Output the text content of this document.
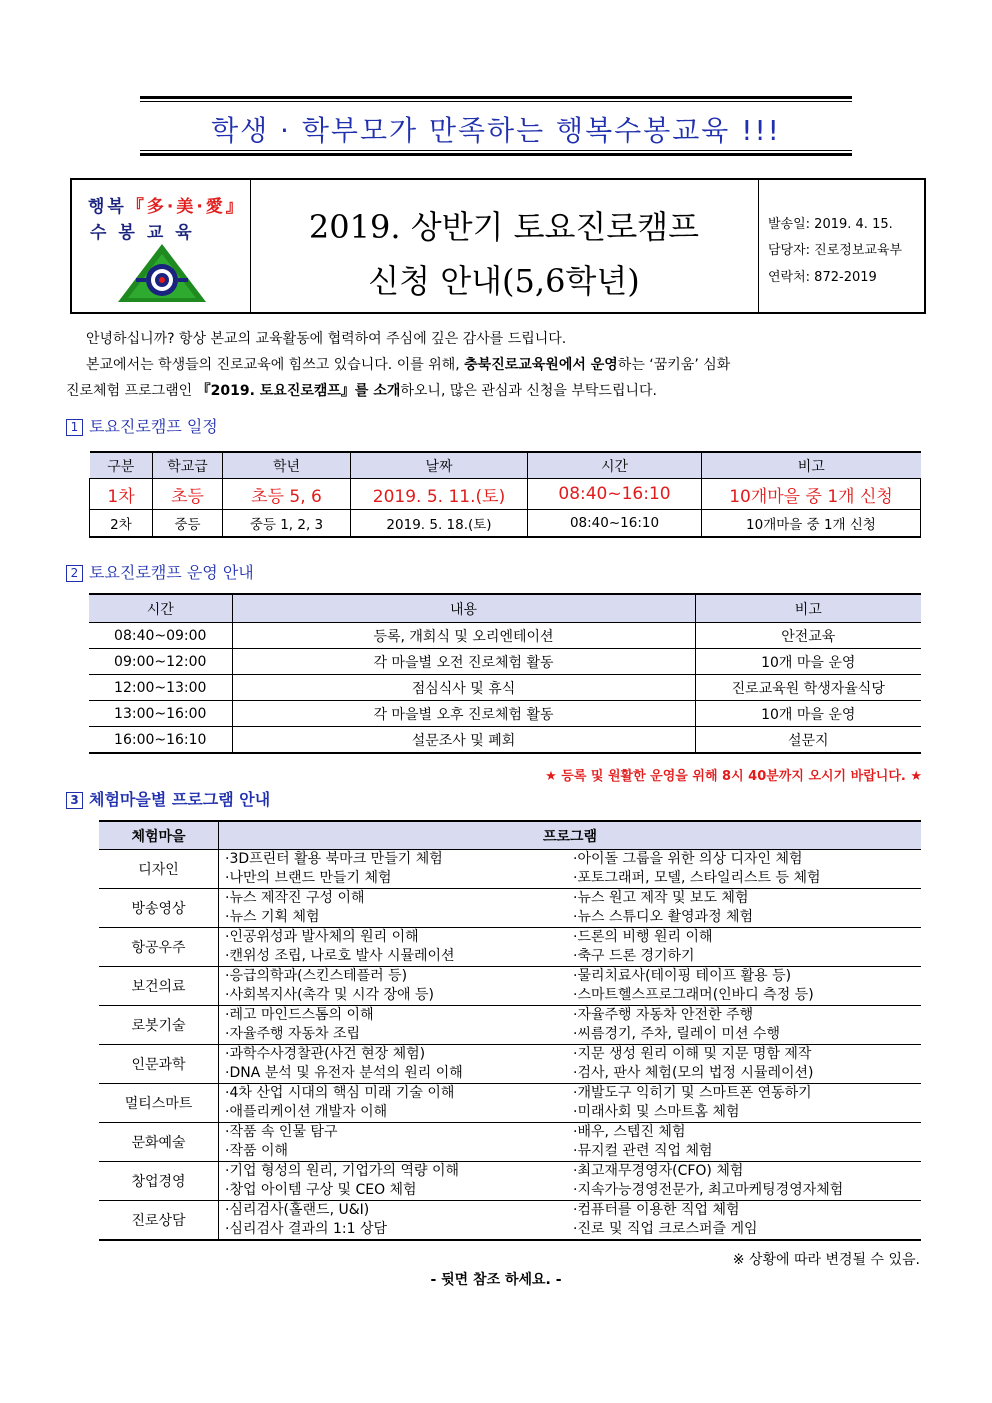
학생 · 학부모가 만족하는 행복수봉교육 !!!
행복『多·美·愛』
수봉교육	2019. 상반기 토요진로캠프
신청 안내(5,6학년)
발송일: 2019. 4. 15.
담당자: 진로정보교육부
연락처: 872-2019
안녕하십니까? 항상 본교의 교육활동에 협력하여 주심에 깊은 감사를 드립니다.
본교에서는 학생들의 진로교육에 힘쓰고 있습니다. 이를 위해, 충북진로교육원에서 운영하는 ‘꿈키움’ 심화
진로체험 프로그램인 『2019. 토요진로캠프』를 소개하오니, 많은 관심과 신청을 부탁드립니다.
1 토요진로캠프 일정
구분	학교급	학년	날짜	시간	비고
1차	초등	초등 5, 6	2019. 5. 11.(토)	08:40~16:10	10개마을 중 1개 신청
2차	중등	중등 1, 2, 3	2019. 5. 18.(토)	08:40~16:10	10개마을 중 1개 신청
2 토요진로캠프 운영 안내
시간	내용	비고
08:40~09:00	등록, 개회식 및 오리엔테이션	안전교육
09:00~12:00	각 마을별 오전 진로체험 활동	10개 마을 운영
12:00~13:00	점심식사 및 휴식	진로교육원 학생자율식당
13:00~16:00	각 마을별 오후 진로체험 활동	10개 마을 운영
16:00~16:10	설문조사 및 폐회	설문지
★ 등록 및 원활한 운영을 위해 8시 40분까지 오시기 바랍니다. ★
3 체험마을별 프로그램 안내
체험마을	프로그램
디자인	·3D프린터 활용 북마크 만들기 체험 ·아이돌 그룹을 위한 의상 디자인 체험
·나만의 브랜드 만들기 체험 ·포토그래퍼, 모델, 스타일리스트 등 체험

방송영상	·뉴스 제작진 구성 이해 ·뉴스 원고 제작 및 보도 체험
·뉴스 기획 체험 ·뉴스 스튜디오 촬영과정 체험

항공우주	·인공위성과 발사체의 원리 이해 ·드론의 비행 원리 이해
·캔위성 조립, 나로호 발사 시뮬레이션 ·축구 드론 경기하기

보건의료	·응급의학과(스킨스테플러 등) ·물리치료사(테이핑 테이프 활용 등)
·사회복지사(촉각 및 시각 장애 등) ·스마트헬스프로그래머(인바디 측정 등)

로봇기술	·레고 마인드스톰의 이해 ·자율주행 자동차 안전한 주행
·자율주행 자동차 조립 ·씨름경기, 주차, 릴레이 미션 수행

인문과학	·과학수사경찰관(사건 현장 체험) ·지문 생성 원리 이해 및 지문 명함 제작
·DNA 분석 및 유전자 분석의 원리 이해 ·검사, 판사 체험(모의 법정 시뮬레이션)

멀티스마트	·4차 산업 시대의 핵심 미래 기술 이해 ·개발도구 익히기 및 스마트폰 연동하기
·애플리케이션 개발자 이해 ·미래사회 및 스마트홈 체험

문화예술	·작품 속 인물 탐구 ·배우, 스텝진 체험
·작품 이해 ·뮤지컬 관련 직업 체험

창업경영	·기업 형성의 원리, 기업가의 역량 이해 ·최고재무경영자(CFO) 체험
·창업 아이템 구상 및 CEO 체험 ·지속가능경영전문가, 최고마케팅경영자체험

진로상담	·심리검사(홀랜드, U&I) ·컴퓨터를 이용한 직업 체험
·심리검사 결과의 1:1 상담 ·진로 및 직업 크로스퍼즐 게임
※ 상황에 따라 변경될 수 있음.
- 뒷면 참조 하세요. -
